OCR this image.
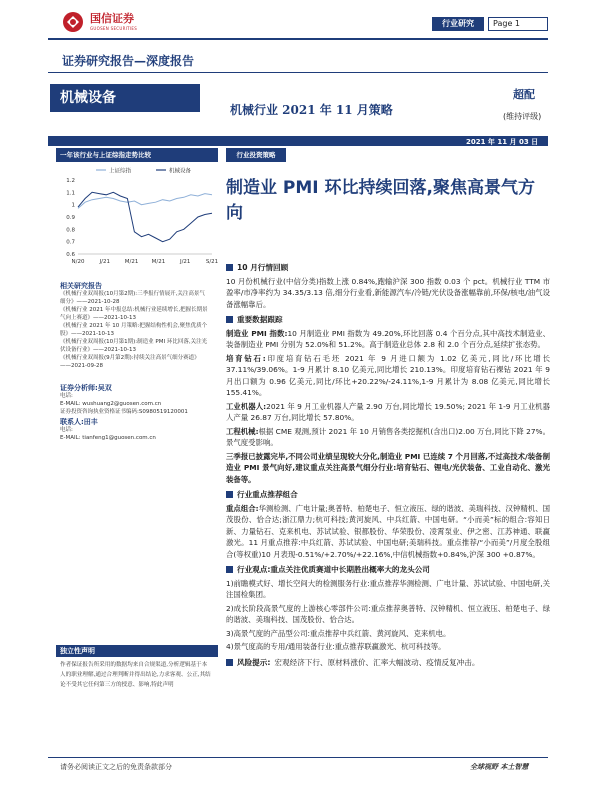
国信证券
GUOSEN SECURITIES
行业研究	Page 1
证券研究报告—深度报告
机械设备
机械行业 2021 年 11 月策略
超配
(维持评级)
2021 年 11 月 03 日
一年该行业与上证综指走势比较
上证综指	机械设备
1.2
1.1
1
0.9
0.8
0.7
0.6
N/20	J/21	M/21 M/21	J/21	S/21
行业投资策略
制造业 PMI 环比持续回落,聚焦高景气方向
相关研究报告
《机械行业双周报(10月第2期):三季报行情展开,关注高景气细分》——2021-10-28
《机械行业 2021 年中报总结:机械行业延续增长,把握长期景气向上赛道》——2021-10-13
《机械行业 2021 年 10 月策略:把握结构性机会,聚焦优质个股》——2021-10-13
《机械行业双周报(10月第1期):制造业 PMI 环比回落,关注光伏设备行业》——2021-10-13
《机械行业双周报(9月第2期):持续关注高景气细分赛道》——2021-09-28
证券分析师:吴双
电话:
E-MAIL: wushuang2@guosen.com.cn
证券投资咨询执业资格证书编码:S0980519120001
联系人:田丰
电话:
E-MAIL: tianfeng1@guosen.com.cn
10 月行情回顾

10 月份机械行业(中信分类)指数上涨 0.84%,跑输沪深 300 指数 0.03 个 pct。机械行业 TTM 市盈率/市净率约为 34.35/3.13 倍,细分行业看,新能源汽车/冷链/光伏设备涨幅靠前,环保/核电/油气设备涨幅靠后。

重要数据跟踪

制造业 PMI 指数:10 月制造业 PMI 指数为 49.20%,环比回落 0.4 个百分点,其中高技术制造业、装备制造业 PMI 分别为 52.0%和 51.2%。高于制造业总体 2.8 和 2.0 个百分点,延续扩张态势。

培育钻石:印度培育钻石毛坯 2021 年 9 月进口额为 1.02 亿美元,同比/环比增长 37.11%/39.06%。1-9 月累计 8.10 亿美元,同比增长 210.13%。印度培育钻石裸钻 2021 年 9 月出口额为 0.96 亿美元,同比/环比+20.22%/-24.11%,1-9 月累计为 8.08 亿美元,同比增长 155.41%。

工业机器人:2021 年 9 月工业机器人产量 2.90 万台,同比增长 19.50%; 2021 年 1-9 月工业机器人产量 26.87 万台,同比增长 57.80%。

工程机械:根据 CME 观测,预计 2021 年 10 月销售各类挖掘机(含出口)2.00 万台,同比下降 27%。景气度受影响。

三季报已披露完毕,不同公司业绩呈现较大分化,制造业 PMI 已连续 7 个月回落,不过高技术/装备制造业 PMI 景气向好,建议重点关注高景气细分行业:培育钻石、锂电/光伏装备、工业自动化、激光装备等。

行业重点推荐组合

重点组合:华测检测、广电计量;奥普特、柏楚电子、恒立液压、绿的谐波、美瑞科技、汉钟精机、国茂股份、恰合达;浙江鼎力;杭可科技;黄河旋风、中兵红箭、中国电研。“小而美”标的组合:容知日新、力量钻石、克来机电、苏试试验、银都股份、华荣股份、凌霄泵业、伊之密、江苏神通、联赢激光。11 月重点推荐:中兵红箭、苏试试验、中国电研;美瑞科技。重点推荐/“小而美”/月度全股组合(等权重)10 月表现-0.51%/+2.70%/+22.16%,中信机械指数+0.84%,沪深 300 +0.87%。

行业观点:重点关注优质赛道中长期胜出概率大的龙头公司

1)前瞻模式好、增长空间大的检测服务行业:重点推荐华测检测、广电计量、苏试试验、中国电研,关注国检集团。

2)成长阶段高景气度的上游核心零部件公司:重点推荐奥普特、汉钟精机、恒立液压、柏楚电子、绿的谐波、美瑞科技、国茂股份、恰合达。

3)高景气度的产品型公司:重点推荐中兵红箭、黄河旋风、克来机电。

4)景气度高的专用/通用装备行业:重点推荐联赢激光、杭可科技等。

风险提示: 宏观经济下行、原材料涨价、汇率大幅波动、疫情反复冲击。
独立性声明
作者保证报告所采用的数据均来自合规渠道,分析逻辑基于本人的职业理解,通过合理判断并得出结论,力求客观、公正,其结论不受其它任何第三方的授意、影响,特此声明
请务必阅读正文之后的免责条款部分	全球视野 本土智慧
